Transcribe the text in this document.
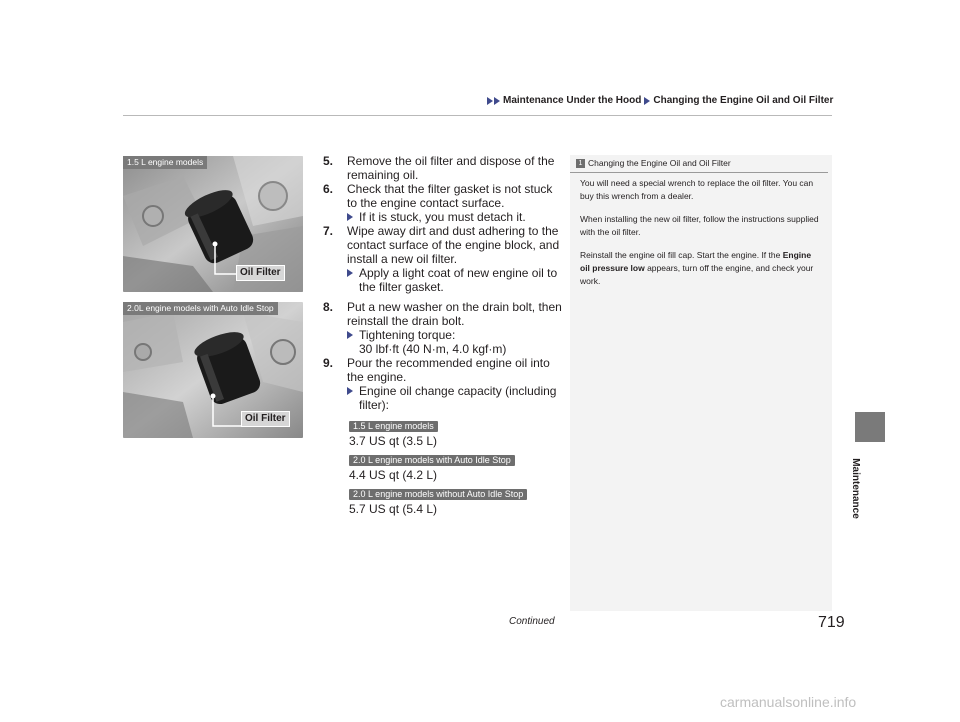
Maintenance Under the Hood Changing the Engine Oil and Oil Filter
1.5 L engine models
Oil Filter
2.0L engine models with Auto Idle Stop
Oil Filter

5. Remove the oil filter and dispose of the remaining oil.

6. Check that the filter gasket is not stuck to the engine contact surface.

If it is stuck, you must detach it.

7. Wipe away dirt and dust adhering to the contact surface of the engine block, and install a new oil filter.

Apply a light coat of new engine oil to the filter gasket.

8. Put a new washer on the drain bolt, then reinstall the drain bolt.

Tightening torque:
30 lbf·ft (40 N·m, 4.0 kgf·m)

9. Pour the recommended engine oil into the engine.

Engine oil change capacity (including filter):

1.5 L engine models
3.7 US qt (3.5 L)
2.0 L engine models with Auto Idle Stop
4.4 US qt (4.2 L)
2.0 L engine models without Auto Idle Stop
5.7 US qt (5.4 L)
1 Changing the Engine Oil and Oil Filter

You will need a special wrench to replace the oil filter. You can buy this wrench from a dealer.

When installing the new oil filter, follow the instructions supplied with the oil filter.

Reinstall the engine oil fill cap. Start the engine. If the Engine oil pressure low appears, turn off the engine, and check your work.

Maintenance
Continued	719
carmanualsonline.info
